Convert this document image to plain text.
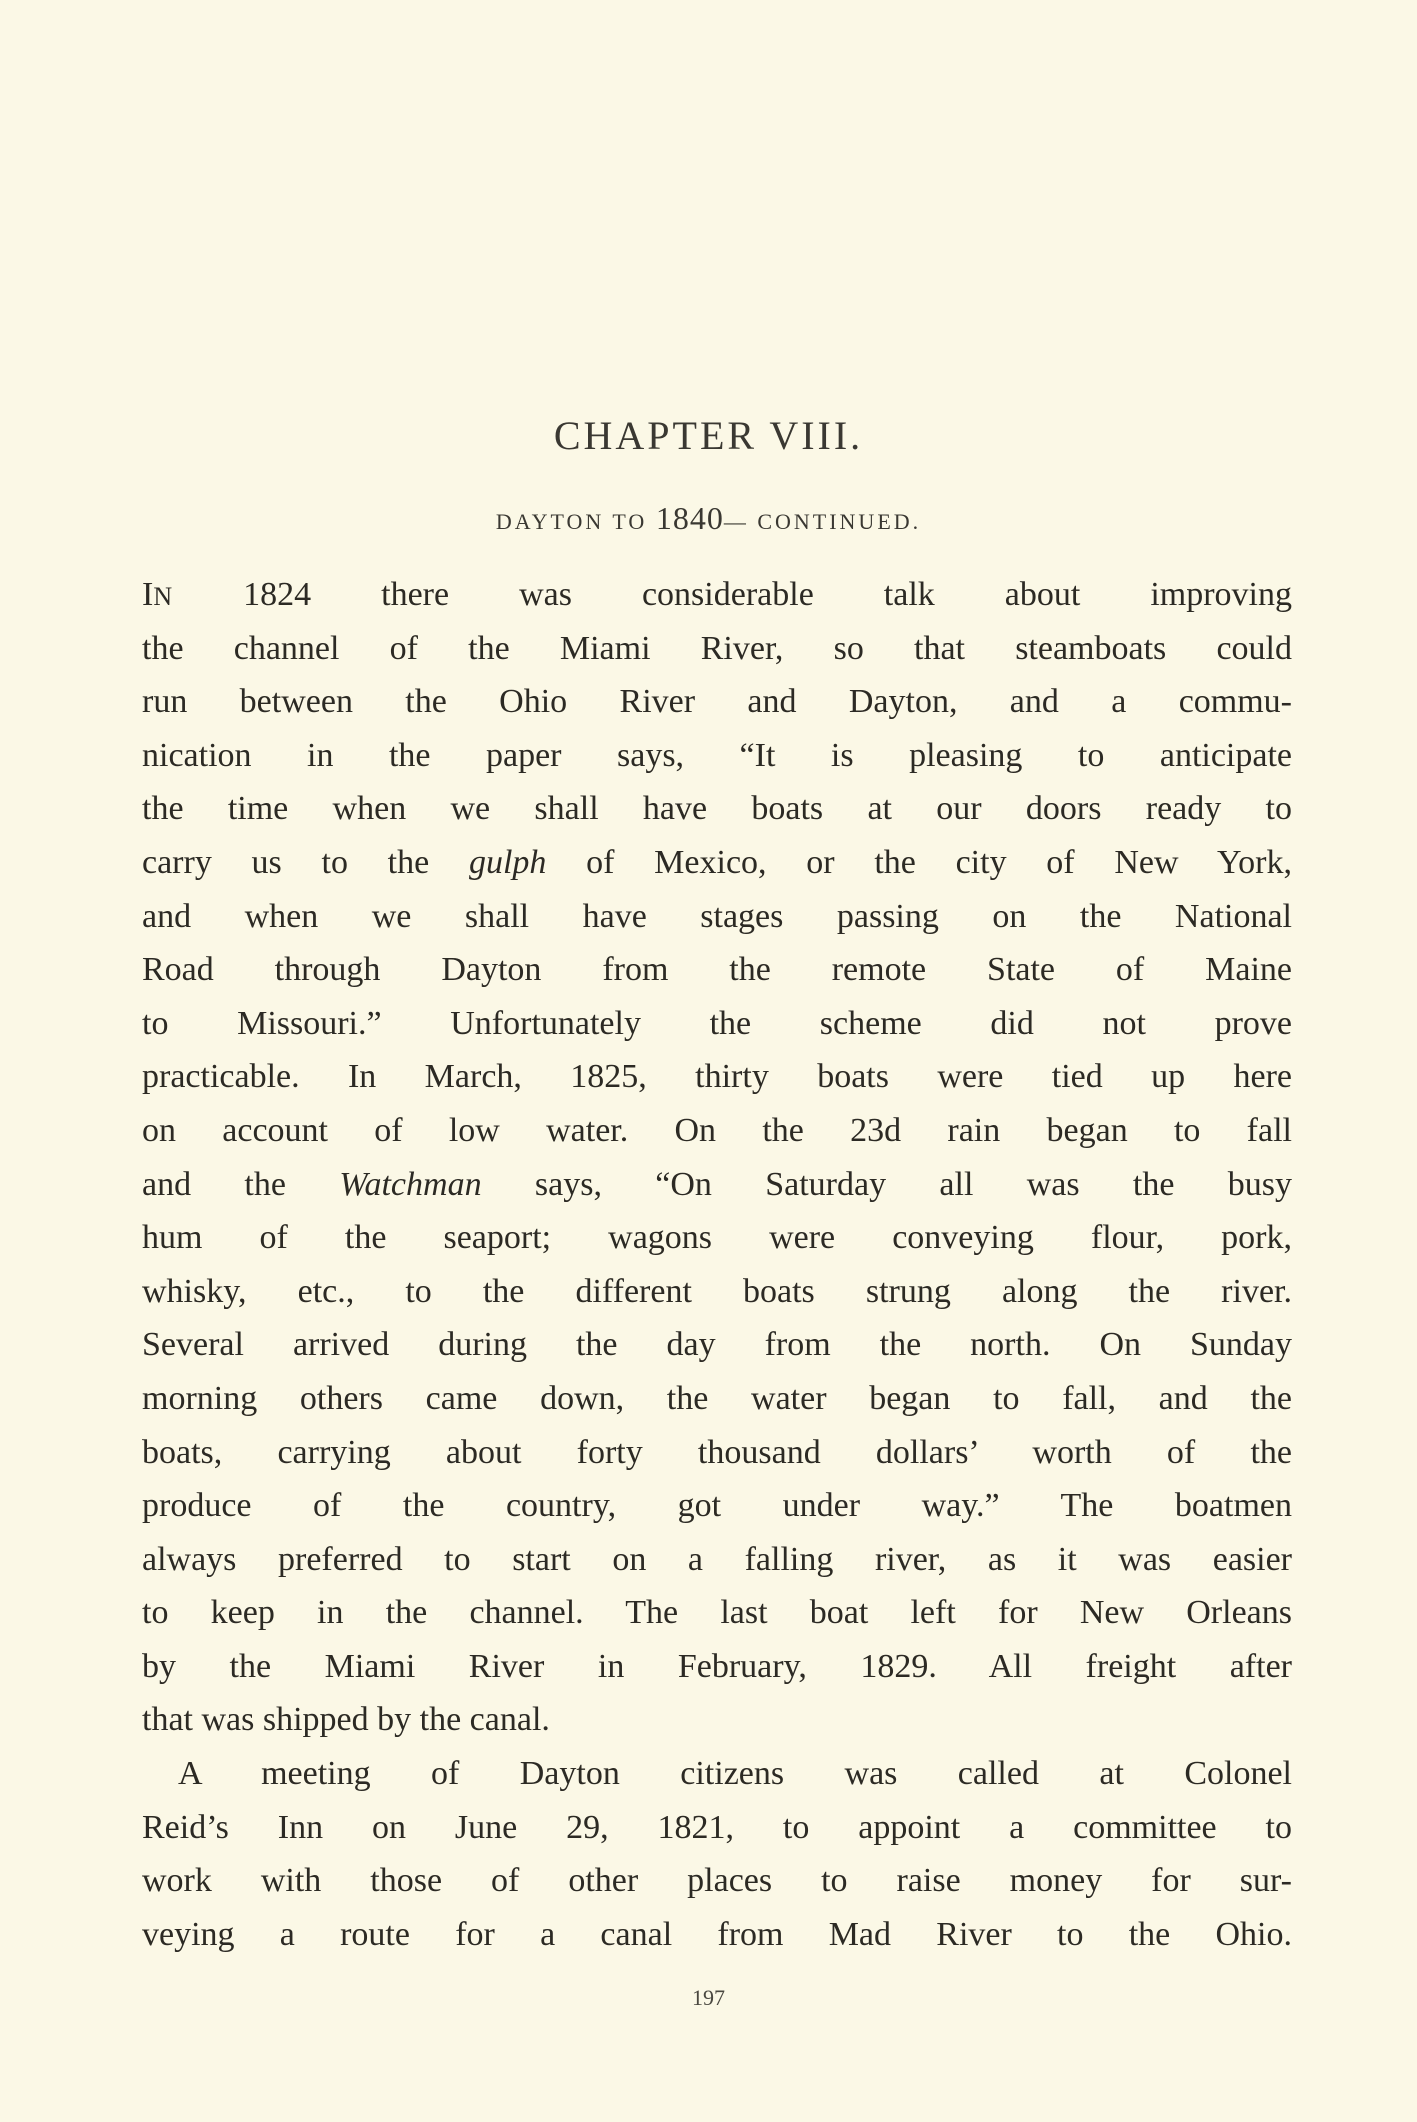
CHAPTER VIII.
DAYTON TO 1840— CONTINUED.
IN 1824 there was considerable talk about improving
the channel of the Miami River, so that steamboats could
run between the Ohio River and Dayton, and a commu-
nication in the paper says, “It is pleasing to anticipate
the time when we shall have boats at our doors ready to
carry us to the gulph of Mexico, or the city of New York,
and when we shall have stages passing on the National
Road through Dayton from the remote State of Maine
to Missouri.” Unfortunately the scheme did not prove
practicable. In March, 1825, thirty boats were tied up here
on account of low water. On the 23d rain began to fall
and the Watchman says, “On Saturday all was the busy
hum of the seaport; wagons were conveying flour, pork,
whisky, etc., to the different boats strung along the river.
Several arrived during the day from the north. On Sunday
morning others came down, the water began to fall, and the
boats, carrying about forty thousand dollars’ worth of the
produce of the country, got under way.” The boatmen
always preferred to start on a falling river, as it was easier
to keep in the channel. The last boat left for New Orleans
by the Miami River in February, 1829. All freight after
that was shipped by the canal.
A meeting of Dayton citizens was called at Colonel
Reid’s Inn on June 29, 1821, to appoint a committee to
work with those of other places to raise money for sur-
veying a route for a canal from Mad River to the Ohio.
197
